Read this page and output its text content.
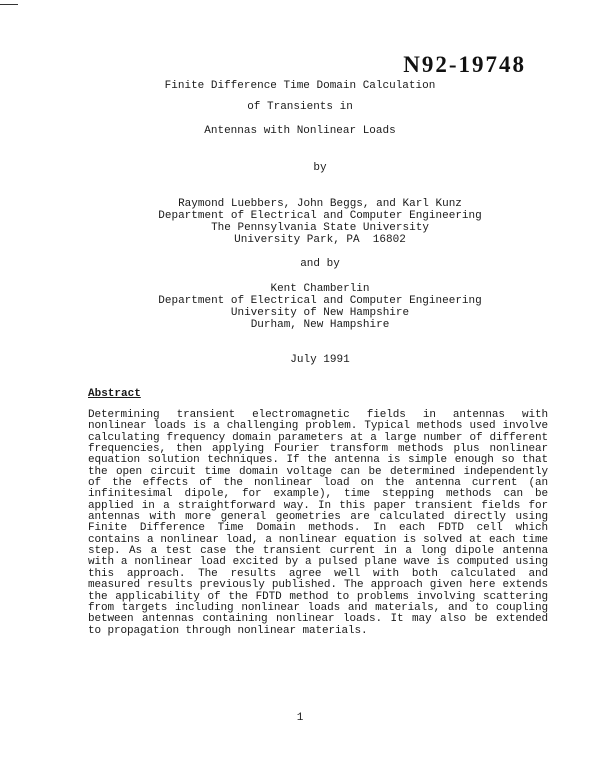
N92-19748
Finite Difference Time Domain Calculation
of Transients in
Antennas with Nonlinear Loads
by
Raymond Luebbers, John Beggs, and Karl Kunz
Department of Electrical and Computer Engineering
The Pennsylvania State University
University Park, PA  16802
and by
Kent Chamberlin
Department of Electrical and Computer Engineering
University of New Hampshire
Durham, New Hampshire
July 1991
Abstract

Determining transient electromagnetic fields in antennas with nonlinear loads is a challenging problem. Typical methods used involve calculating frequency domain parameters at a large number of different frequencies, then applying Fourier transform methods plus nonlinear equation solution techniques. If the antenna is simple enough so that the open circuit time domain voltage can be determined independently of the effects of the nonlinear load on the antenna current (an infinitesimal dipole, for example), time stepping methods can be applied in a straightforward way. In this paper transient fields for antennas with more general geometries are calculated directly using Finite Difference Time Domain methods. In each FDTD cell which contains a nonlinear load, a nonlinear equation is solved at each time step. As a test case the transient current in a long dipole antenna with a nonlinear load excited by a pulsed plane wave is computed using this approach. The results agree well with both calculated and measured results previously published. The approach given here extends the applicability of the FDTD method to problems involving scattering from targets including nonlinear loads and materials, and to coupling between antennas containing nonlinear loads. It may also be extended to propagation through nonlinear materials.

1
